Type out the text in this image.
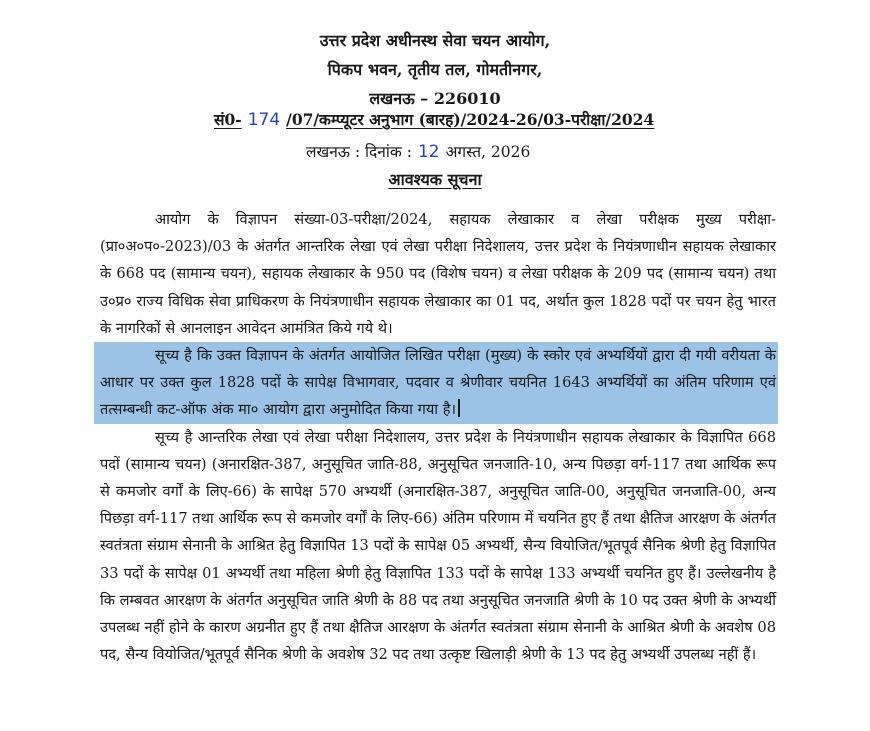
उत्तर प्रदेश अधीनस्थ सेवा चयन आयोग,
पिकप भवन, तृतीय तल, गोमतीनगर,
लखनऊ – 226010
सं0- 174 /07/कम्प्यूटर अनुभाग (बारह)/2024-26/03-परीक्षा/2024
लखनऊ : दिनांक : 12 अगस्त, 2026
आवश्यक सूचना

आयोग के विज्ञापन संख्या-03-परीक्षा/2024, सहायक लेखाकार व लेखा परीक्षक मुख्य परीक्षा-(प्रा०अ०प०-2023)/03 के अंतर्गत आन्तरिक लेखा एवं लेखा परीक्षा निदेशालय, उत्तर प्रदेश के नियंत्रणाधीन सहायक लेखाकार के 668 पद (सामान्य चयन), सहायक लेखाकार के 950 पद (विशेष चयन) व लेखा परीक्षक के 209 पद (सामान्य चयन) तथा उ०प्र० राज्य विधिक सेवा प्राधिकरण के नियंत्रणाधीन सहायक लेखाकार का 01 पद, अर्थात कुल 1828 पदों पर चयन हेतु भारत के नागरिकों से आनलाइन आवेदन आमंत्रित किये गये थे।

सूच्य है कि उक्त विज्ञापन के अंतर्गत आयोजित लिखित परीक्षा (मुख्य) के स्कोर एवं अभ्यर्थियों द्वारा दी गयी वरीयता के आधार पर उक्त कुल 1828 पदों के सापेक्ष विभागवार, पदवार व श्रेणीवार चयनित 1643 अभ्यर्थियों का अंतिम परिणाम एवं तत्सम्बन्धी कट-ऑफ अंक मा० आयोग द्वारा अनुमोदित किया गया है।

सूच्य है आन्तरिक लेखा एवं लेखा परीक्षा निदेशालय, उत्तर प्रदेश के नियंत्रणाधीन सहायक लेखाकार के विज्ञापित 668 पदों (सामान्य चयन) (अनारक्षित-387, अनुसूचित जाति-88, अनुसूचित जनजाति-10, अन्य पिछड़ा वर्ग-117 तथा आर्थिक रूप से कमजोर वर्गों के लिए-66) के सापेक्ष 570 अभ्यर्थी (अनारक्षित-387, अनुसूचित जाति-00, अनुसूचित जनजाति-00, अन्य पिछड़ा वर्ग-117 तथा आर्थिक रूप से कमजोर वर्गों के लिए-66) अंतिम परिणाम में चयनित हुए हैं तथा क्षैतिज आरक्षण के अंतर्गत स्वतंत्रता संग्राम सेनानी के आश्रित हेतु विज्ञापित 13 पदों के सापेक्ष 05 अभ्यर्थी, सैन्य वियोजित/भूतपूर्व सैनिक श्रेणी हेतु विज्ञापित 33 पदों के सापेक्ष 01 अभ्यर्थी तथा महिला श्रेणी हेतु विज्ञापित 133 पदों के सापेक्ष 133 अभ्यर्थी चयनित हुए हैं। उल्लेखनीय है कि लम्बवत आरक्षण के अंतर्गत अनुसूचित जाति श्रेणी के 88 पद तथा अनुसूचित जनजाति श्रेणी के 10 पद उक्त श्रेणी के अभ्यर्थी उपलब्ध नहीं होने के कारण अग्रनीत हुए हैं तथा क्षैतिज आरक्षण के अंतर्गत स्वतंत्रता संग्राम सेनानी के आश्रित श्रेणी के अवशेष 08 पद, सैन्य वियोजित/भूतपूर्व सैनिक श्रेणी के अवशेष 32 पद तथा उत्कृष्ट खिलाड़ी श्रेणी के 13 पद हेतु अभ्यर्थी उपलब्ध नहीं हैं।
